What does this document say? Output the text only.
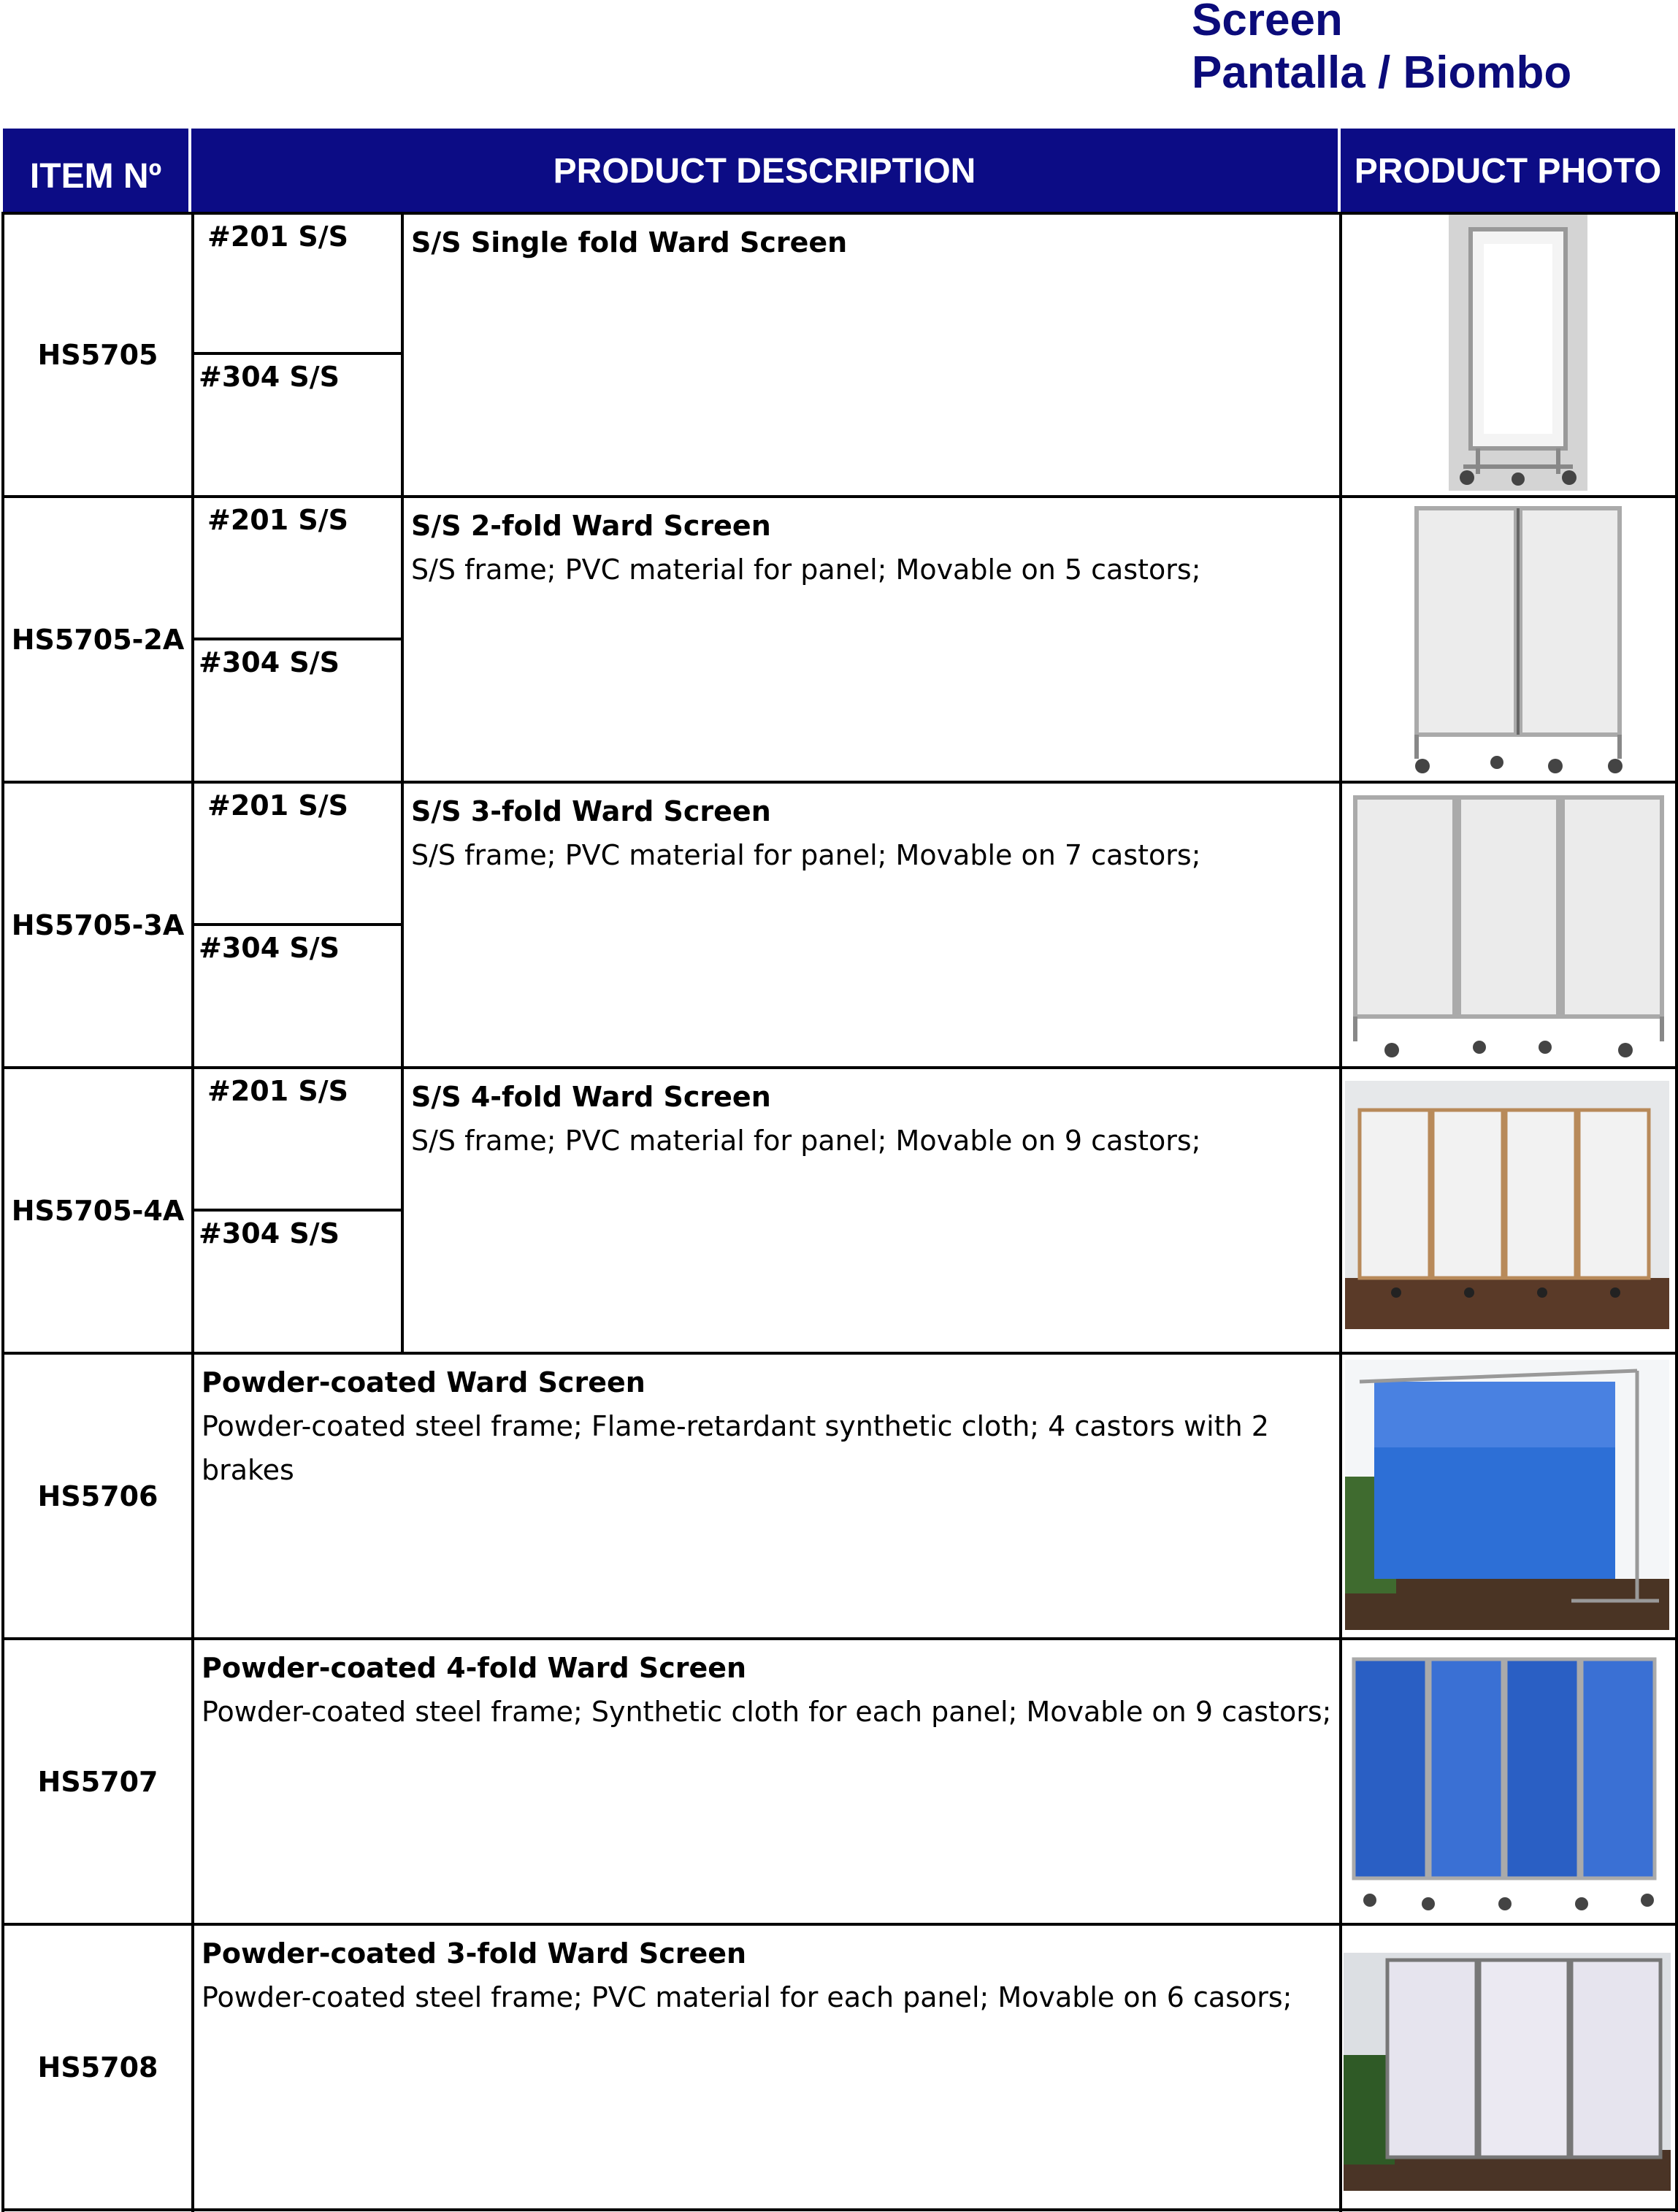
Screen
Pantalla / Biombo
ITEM Nº	PRODUCT DESCRIPTION	PRODUCT PHOTO
HS5705
#201 S/S
#304 S/S
S/S Single fold Ward Screen
HS5705-2A
#201 S/S
#304 S/S
S/S 2-fold Ward Screen
S/S frame; PVC material for panel; Movable on 5 castors;
HS5705-3A
#201 S/S
#304 S/S
S/S 3-fold Ward Screen
S/S frame; PVC material for panel; Movable on 7 castors;
HS5705-4A
#201 S/S
#304 S/S
S/S 4-fold Ward Screen
S/S frame; PVC material for panel; Movable on 9 castors;
HS5706
Powder-coated Ward Screen
Powder-coated steel frame; Flame-retardant synthetic cloth; 4 castors with 2 brakes
HS5707
Powder-coated 4-fold Ward Screen
Powder-coated steel frame; Synthetic cloth for each panel; Movable on 9 castors;
HS5708
Powder-coated 3-fold Ward Screen
Powder-coated steel frame; PVC material for each panel; Movable on 6 casors;
